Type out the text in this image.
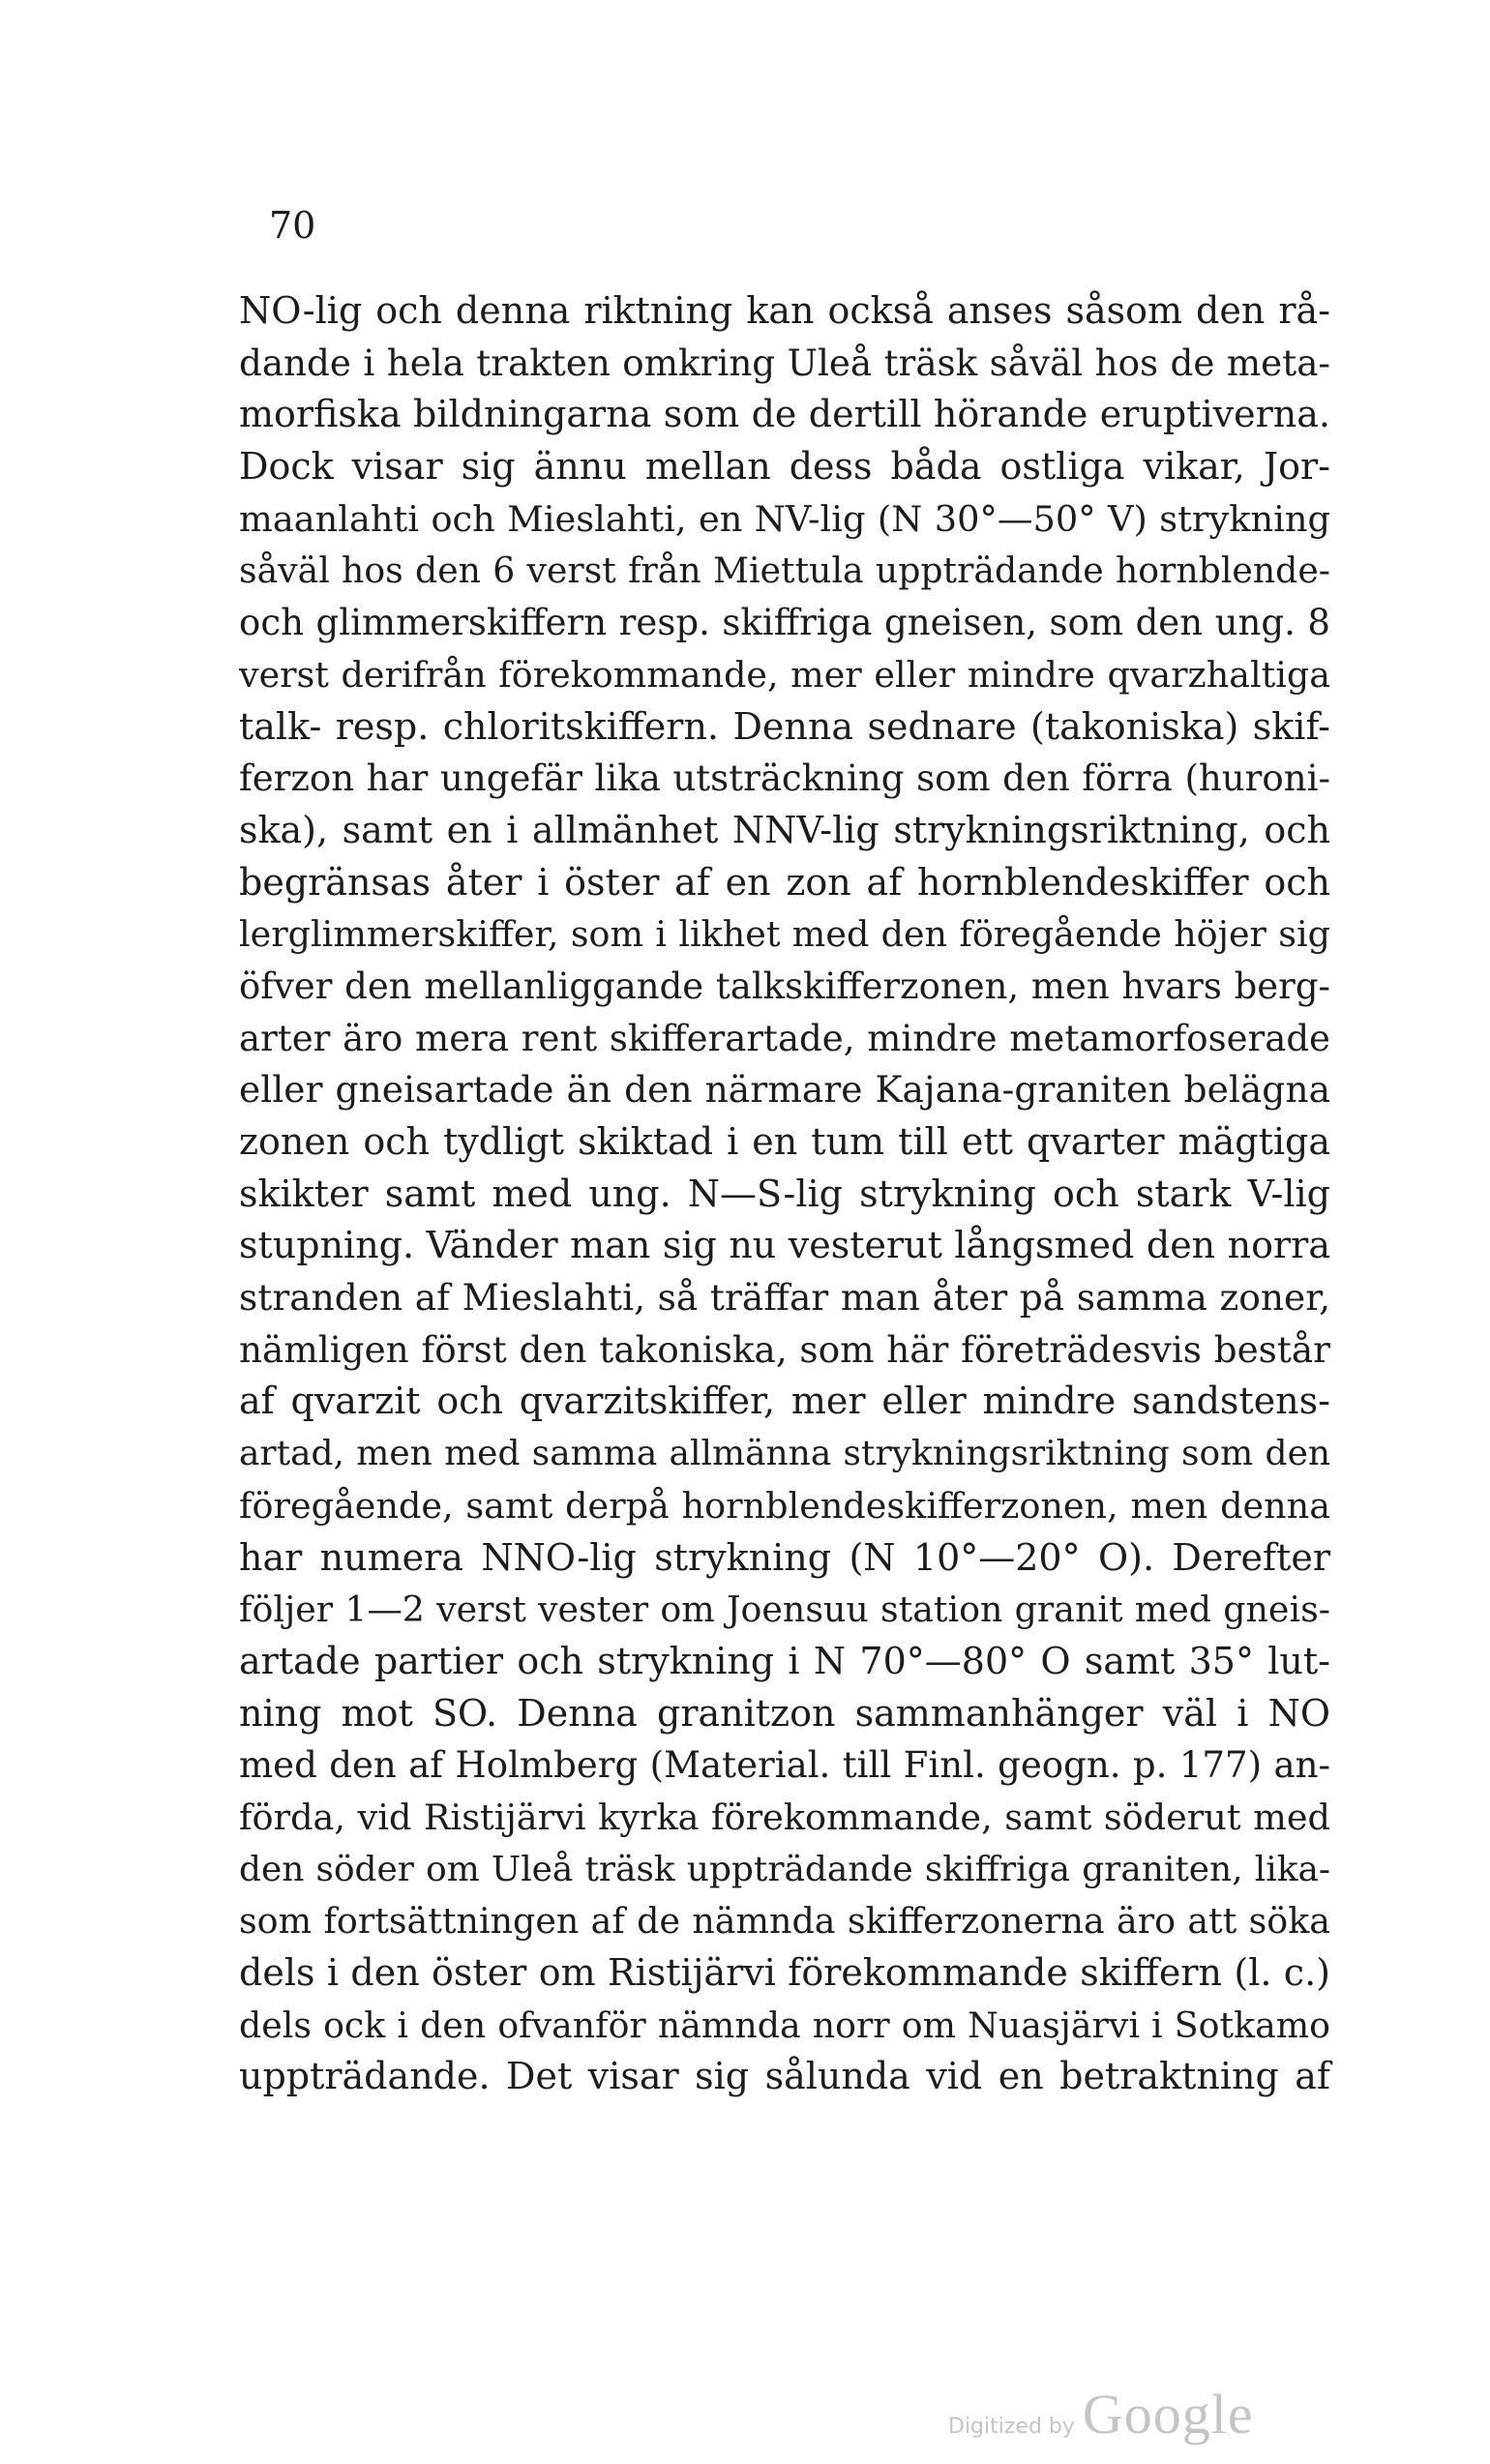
70
NO-lig och denna riktning kan också anses såsom den rå-
dande i hela trakten omkring Uleå träsk såväl hos de meta-
morfiska bildningarna som de dertill hörande eruptiverna.
Dock visar sig ännu mellan dess båda ostliga vikar, Jor-
maanlahti och Mieslahti, en NV-lig (N 30°—50° V) strykning
såväl hos den 6 verst från Miettula uppträdande hornblende-
och glimmerskiffern resp. skiffriga gneisen, som den ung. 8
verst derifrån förekommande, mer eller mindre qvarzhaltiga
talk- resp. chloritskiffern. Denna sednare (takoniska) skif-
ferzon har ungefär lika utsträckning som den förra (huroni-
ska), samt en i allmänhet NNV-lig strykningsriktning, och
begränsas åter i öster af en zon af hornblendeskiffer och
lerglimmerskiffer, som i likhet med den föregående höjer sig
öfver den mellanliggande talkskifferzonen, men hvars berg-
arter äro mera rent skifferartade, mindre metamorfoserade
eller gneisartade än den närmare Kajana-graniten belägna
zonen och tydligt skiktad i en tum till ett qvarter mägtiga
skikter samt med ung. N—S-lig strykning och stark V-lig
stupning. Vänder man sig nu vesterut långsmed den norra
stranden af Mieslahti, så träffar man åter på samma zoner,
nämligen först den takoniska, som här företrädesvis består
af qvarzit och qvarzitskiffer, mer eller mindre sandstens-
artad, men med samma allmänna strykningsriktning som den
föregående, samt derpå hornblendeskifferzonen, men denna
har numera NNO-lig strykning (N 10°—20° O). Derefter
följer 1—2 verst vester om Joensuu station granit med gneis-
artade partier och strykning i N 70°—80° O samt 35° lut-
ning mot SO. Denna granitzon sammanhänger väl i NO
med den af Holmberg (Material. till Finl. geogn. p. 177) an-
förda, vid Ristijärvi kyrka förekommande, samt söderut med
den söder om Uleå träsk uppträdande skiffriga graniten, lika-
som fortsättningen af de nämnda skifferzonerna äro att söka
dels i den öster om Ristijärvi förekommande skiffern (l. c.)
dels ock i den ofvanför nämnda norr om Nuasjärvi i Sotkamo
uppträdande. Det visar sig sålunda vid en betraktning af
Digitized by Google
